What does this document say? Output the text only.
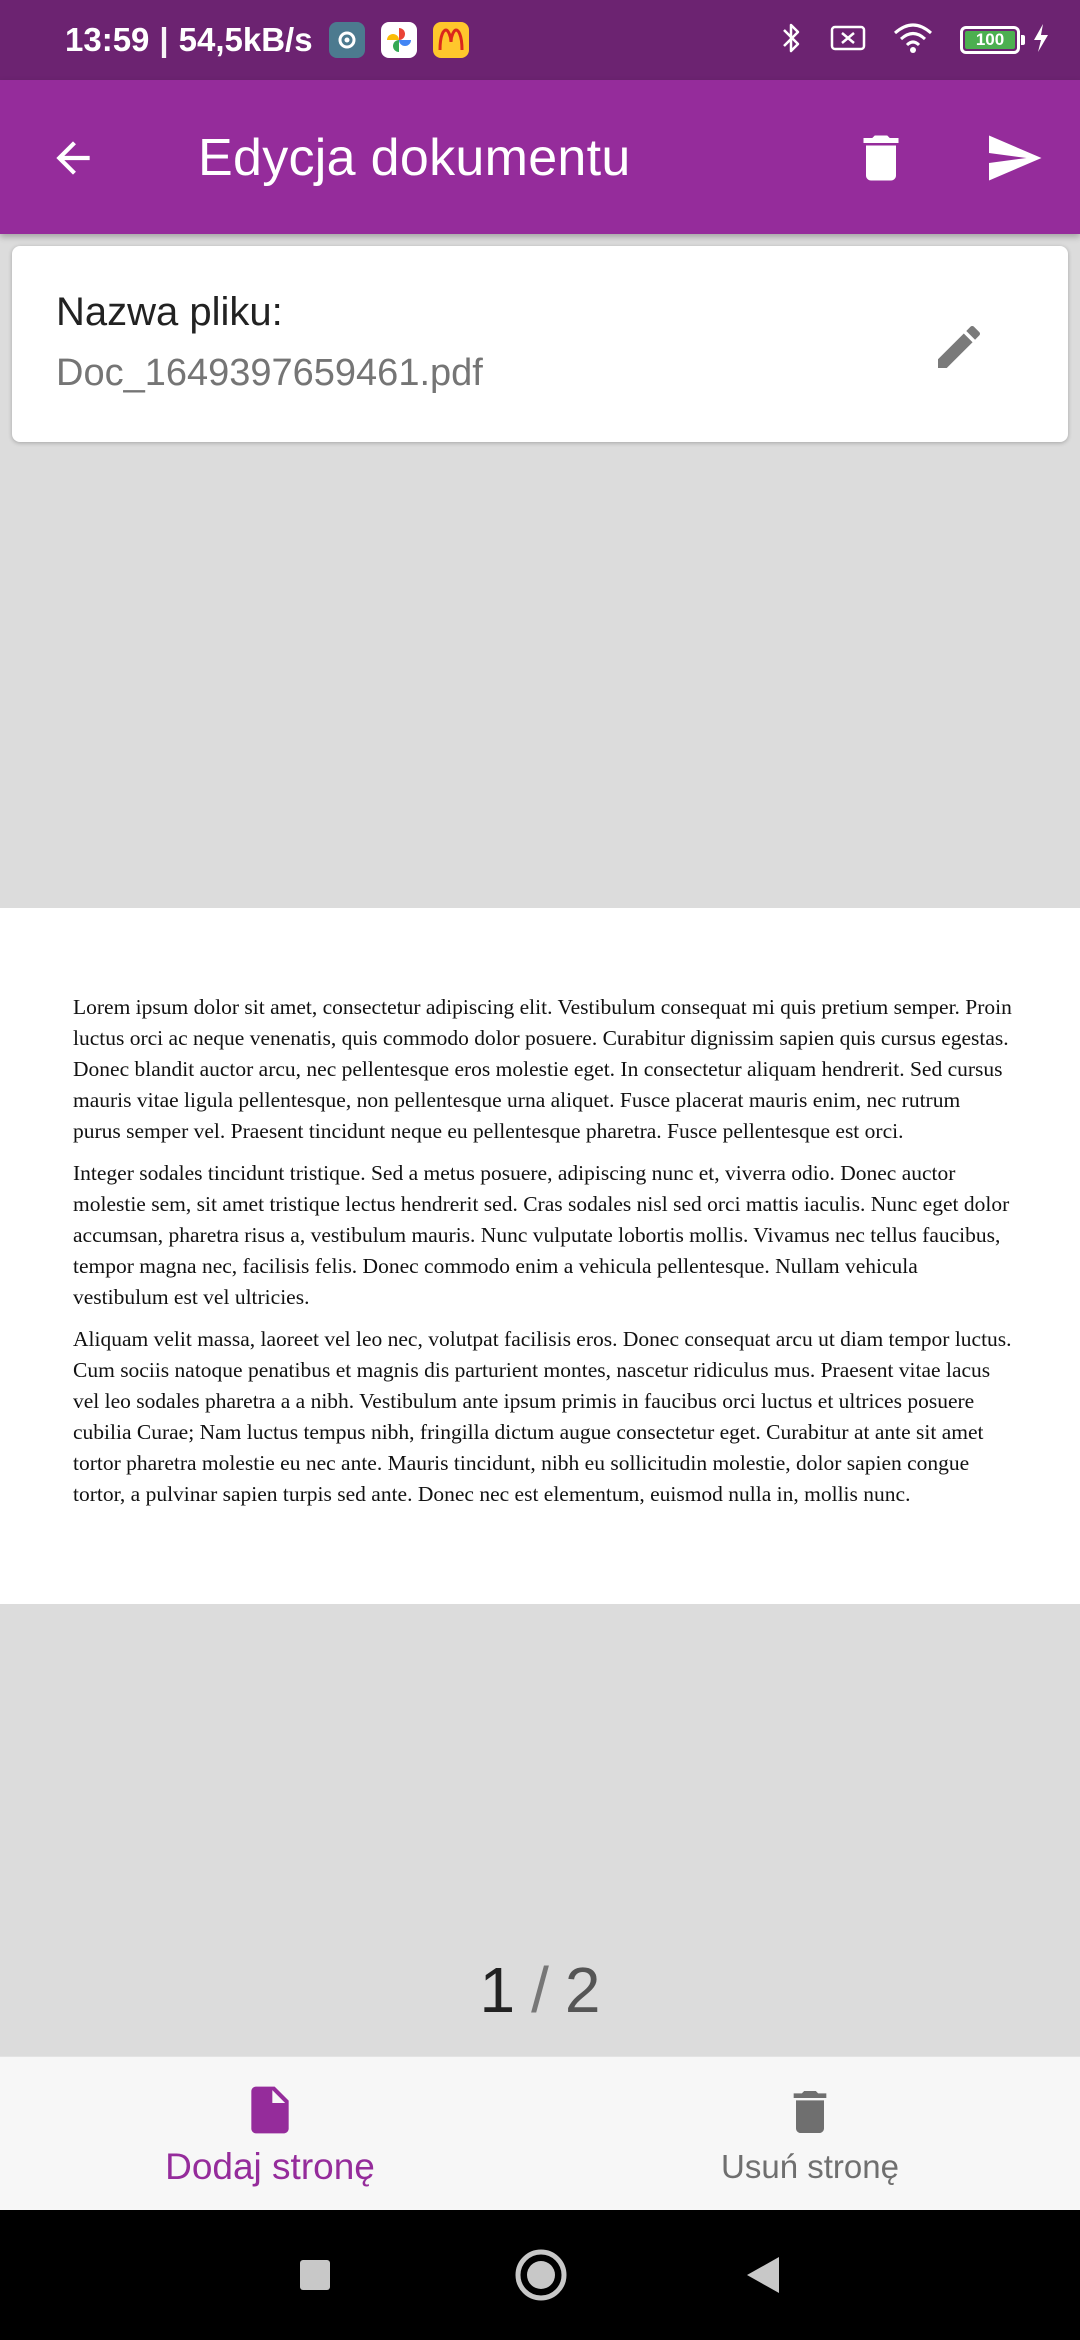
13:59 | 54,5kB/s	100
Edycja dokumentu
Nazwa pliku:
Doc_1649397659461.pdf

Lorem ipsum dolor sit amet, consectetur adipiscing elit. Vestibulum consequat mi quis pretium semper. Proin luctus orci ac neque venenatis, quis commodo dolor posuere. Curabitur dignissim sapien quis cursus egestas. Donec blandit auctor arcu, nec pellentesque eros molestie eget. In consectetur aliquam hendrerit. Sed cursus mauris vitae ligula pellentesque, non pellentesque urna aliquet. Fusce placerat mauris enim, nec rutrum purus semper vel. Praesent tincidunt neque eu pellentesque pharetra. Fusce pellentesque est orci.

Integer sodales tincidunt tristique. Sed a metus posuere, adipiscing nunc et, viverra odio. Donec auctor molestie sem, sit amet tristique lectus hendrerit sed. Cras sodales nisl sed orci mattis iaculis. Nunc eget dolor accumsan, pharetra risus a, vestibulum mauris. Nunc vulputate lobortis mollis. Vivamus nec tellus faucibus, tempor magna nec, facilisis felis. Donec commodo enim a vehicula pellentesque. Nullam vehicula vestibulum est vel ultricies.

Aliquam velit massa, laoreet vel leo nec, volutpat facilisis eros. Donec consequat arcu ut diam tempor luctus. Cum sociis natoque penatibus et magnis dis parturient montes, nascetur ridiculus mus. Praesent vitae lacus vel leo sodales pharetra a a nibh. Vestibulum ante ipsum primis in faucibus orci luctus et ultrices posuere cubilia Curae; Nam luctus tempus nibh, fringilla dictum augue consectetur eget. Curabitur at ante sit amet tortor pharetra molestie eu nec ante. Mauris tincidunt, nibh eu sollicitudin molestie, dolor sapien congue tortor, a pulvinar sapien turpis sed ante. Donec nec est elementum, euismod nulla in, mollis nunc.

1 / 2
Dodaj stronę	Usuń stronę
